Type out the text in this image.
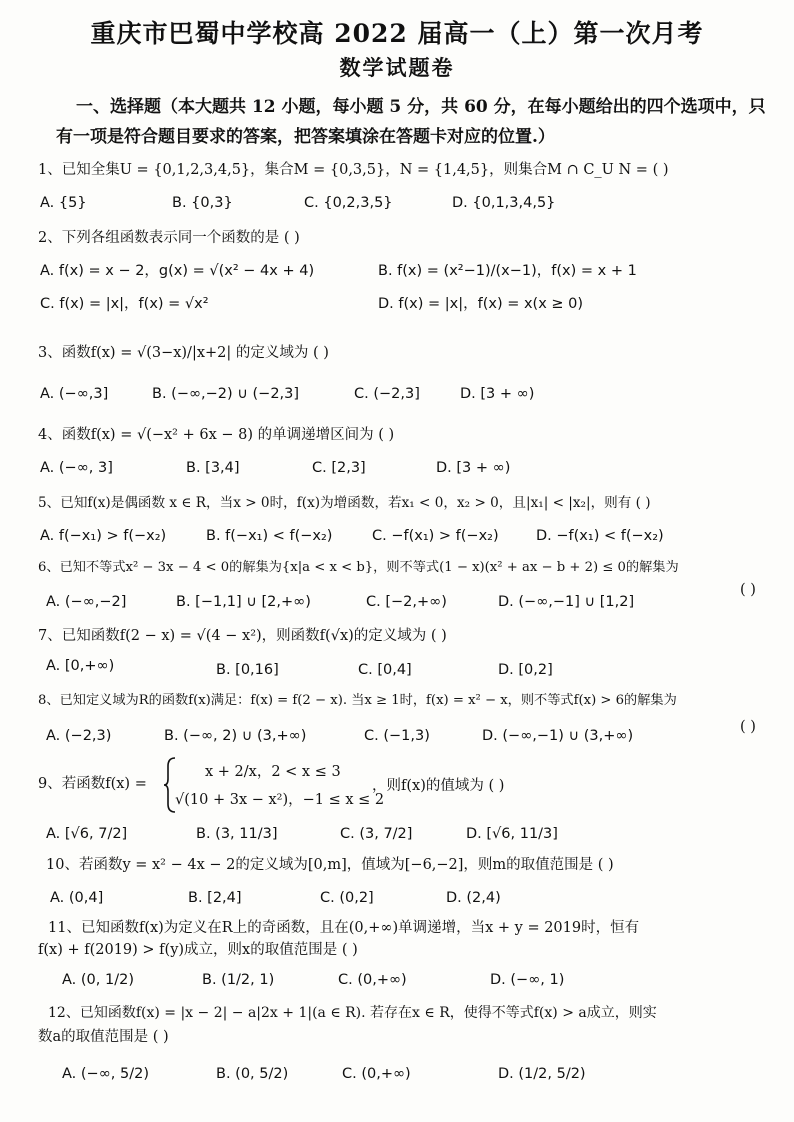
重庆市巴蜀中学校高 2022 届高一（上）第一次月考
数学试题卷
一、选择题（本大题共 12 小题，每小题 5 分，共 60 分，在每小题给出的四个选项中，只有一项是符合题目要求的答案，把答案填涂在答题卡对应的位置.）
1、已知全集U = {0,1,2,3,4,5}，集合M = {0,3,5}，N = {1,4,5}，则集合M ∩ C_U N = ( )
A. {5}	B. {0,3}	C. {0,2,3,5}	D. {0,1,3,4,5}
2、下列各组函数表示同一个函数的是 ( )
A. f(x) = x − 2，g(x) = √(x² − 4x + 4)	B. f(x) = (x²−1)/(x−1)，f(x) = x + 1
C. f(x) = |x|，f(x) = √x²	D. f(x) = |x|，f(x) = x(x ≥ 0)
3、函数f(x) = √(3−x)/|x+2| 的定义域为 ( )
A. (−∞,3]	B. (−∞,−2) ∪ (−2,3]	C. (−2,3]	D. [3 + ∞)
4、函数f(x) = √(−x² + 6x − 8) 的单调递增区间为 ( )
A. (−∞, 3]	B. [3,4]	C. [2,3]	D. [3 + ∞)
5、已知f(x)是偶函数 x ∈ R，当x > 0时，f(x)为增函数，若x₁ < 0，x₂ > 0，且|x₁| < |x₂|，则有 ( )
A. f(−x₁) > f(−x₂)	B. f(−x₁) < f(−x₂)	C. −f(x₁) > f(−x₂)	D. −f(x₁) < f(−x₂)
6、已知不等式x² − 3x − 4 < 0的解集为{x|a < x < b}，则不等式(1 − x)(x² + ax − b + 2) ≤ 0的解集为
( )
A. (−∞,−2]	B. [−1,1] ∪ [2,+∞)	C. [−2,+∞)	D. (−∞,−1] ∪ [1,2]
7、已知函数f(2 − x) = √(4 − x²)，则函数f(√x)的定义域为 ( )
A. [0,+∞)	B. [0,16]	C. [0,4]	D. [0,2]
8、已知定义域为R的函数f(x)满足：f(x) = f(2 − x). 当x ≥ 1时，f(x) = x² − x，则不等式f(x) > 6的解集为
( )
A. (−2,3)	B. (−∞, 2) ∪ (3,+∞)	C. (−1,3)	D. (−∞,−1) ∪ (3,+∞)
9、若函数f(x) =
x + 2/x，2 < x ≤ 3
√(10 + 3x − x²)，−1 ≤ x ≤ 2
，则f(x)的值域为 ( )
A. [√6, 7/2]	B. (3, 11/3]	C. (3, 7/2]	D. [√6, 11/3]
10、若函数y = x² − 4x − 2的定义域为[0,m]，值域为[−6,−2]，则m的取值范围是 ( )
A. (0,4]	B. [2,4]	C. (0,2]	D. (2,4)
11、已知函数f(x)为定义在R上的奇函数，且在(0,+∞)单调递增，当x + y = 2019时，恒有
f(x) + f(2019) > f(y)成立，则x的取值范围是 ( )
A. (0, 1/2)	B. (1/2, 1)	C. (0,+∞)	D. (−∞, 1)
12、已知函数f(x) = |x − 2| − a|2x + 1|(a ∈ R). 若存在x ∈ R，使得不等式f(x) > a成立，则实
数a的取值范围是 ( )
A. (−∞, 5/2)	B. (0, 5/2)	C. (0,+∞)	D. (1/2, 5/2)
